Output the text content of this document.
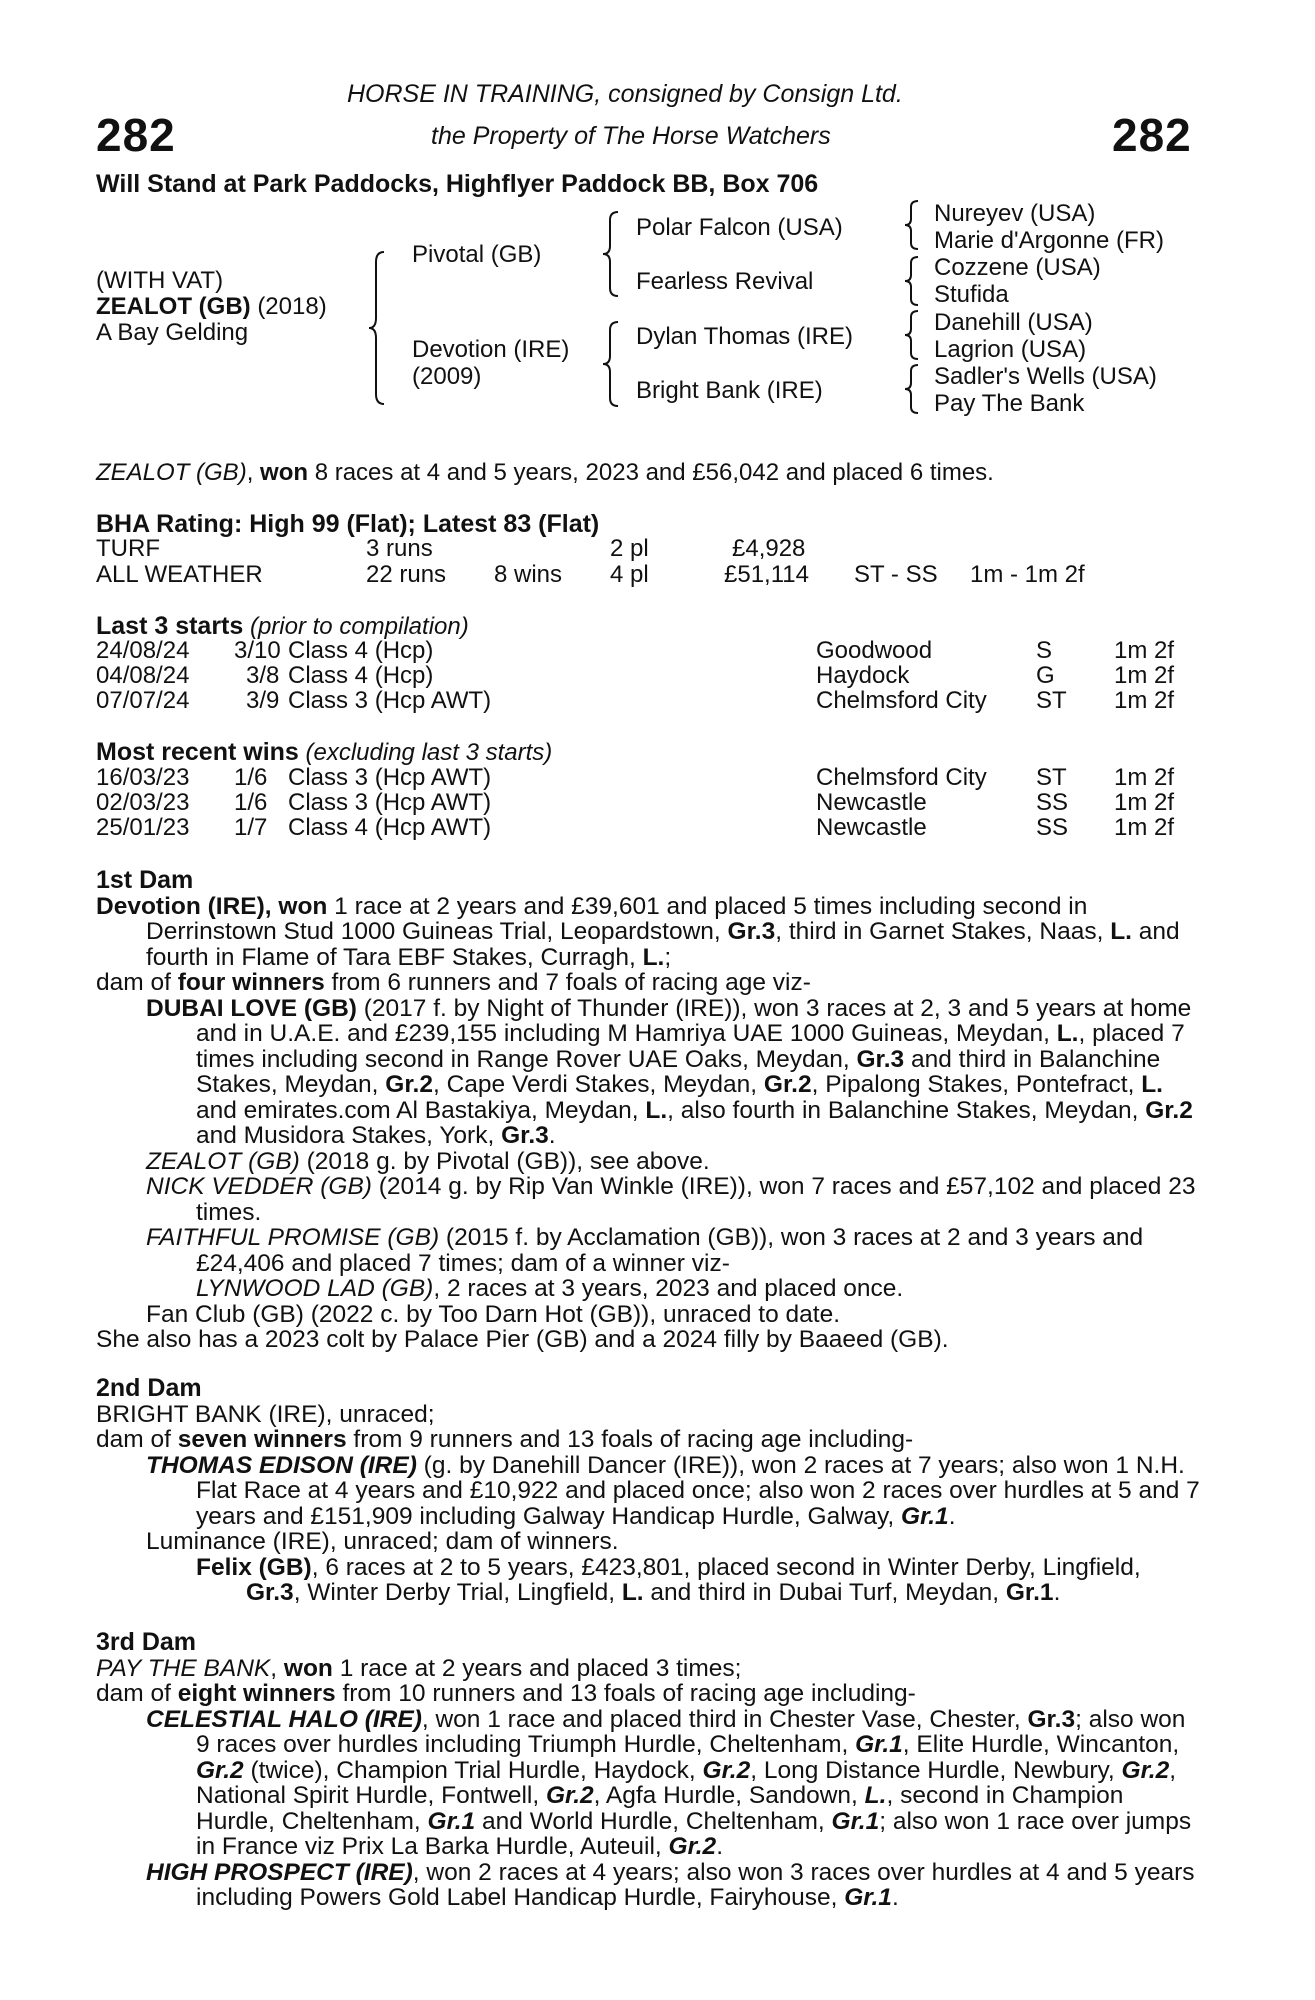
HORSE IN TRAINING, consigned by Consign Ltd.
the Property of The Horse Watchers
282	282
Will Stand at Park Paddocks, Highflyer Paddock BB, Box 706
(WITH VAT)
ZEALOT (GB) (2018)
A Bay Gelding
Pivotal (GB)
Devotion (IRE)
(2009)
Polar Falcon (USA)
Fearless Revival
Dylan Thomas (IRE)
Bright Bank (IRE)
Nureyev (USA)
Marie d'Argonne (FR)
Cozzene (USA)
Stufida
Danehill (USA)
Lagrion (USA)
Sadler's Wells (USA)
Pay The Bank
ZEALOT (GB), won 8 races at 4 and 5 years, 2023 and £56,042 and placed 6 times.
BHA Rating: High 99 (Flat); Latest 83 (Flat)
TURF	3 runs	2 pl	£4,928
ALL WEATHER	22 runs 8 wins 4 pl	£51,114 ST - SS 1m - 1m 2f
Last 3 starts (prior to compilation)
24/08/24 3/10 Class 4 (Hcp)	Goodwood	S	1m 2f
04/08/24 3/8 Class 4 (Hcp)	Haydock	G 1m 2f
07/07/24 3/9 Class 3 (Hcp AWT)	Chelmsford City ST 1m 2f
Most recent wins (excluding last 3 starts)
16/03/23 1/6 Class 3 (Hcp AWT)	Chelmsford City ST 1m 2f
02/03/23 1/6 Class 3 (Hcp AWT)	Newcastle	SS 1m 2f
25/01/23 1/7 Class 4 (Hcp AWT)	Newcastle	SS 1m 2f

1st Dam

Devotion (IRE), won 1 race at 2 years and £39,601 and placed 5 times including second in Derrinstown Stud 1000 Guineas Trial, Leopardstown, Gr.3, third in Garnet Stakes, Naas, L. and fourth in Flame of Tara EBF Stakes, Curragh, L.;

dam of four winners from 6 runners and 7 foals of racing age viz-

DUBAI LOVE (GB) (2017 f. by Night of Thunder (IRE)), won 3 races at 2, 3 and 5 years at home and in U.A.E. and £239,155 including M Hamriya UAE 1000 Guineas, Meydan, L., placed 7 times including second in Range Rover UAE Oaks, Meydan, Gr.3 and third in Balanchine Stakes, Meydan, Gr.2, Cape Verdi Stakes, Meydan, Gr.2, Pipalong Stakes, Pontefract, L. and emirates.com Al Bastakiya, Meydan, L., also fourth in Balanchine Stakes, Meydan, Gr.2 and Musidora Stakes, York, Gr.3.

ZEALOT (GB) (2018 g. by Pivotal (GB)), see above.

NICK VEDDER (GB) (2014 g. by Rip Van Winkle (IRE)), won 7 races and £57,102 and placed 23 times.

FAITHFUL PROMISE (GB) (2015 f. by Acclamation (GB)), won 3 races at 2 and 3 years and £24,406 and placed 7 times; dam of a winner viz-

LYNWOOD LAD (GB), 2 races at 3 years, 2023 and placed once.

Fan Club (GB) (2022 c. by Too Darn Hot (GB)), unraced to date.

She also has a 2023 colt by Palace Pier (GB) and a 2024 filly by Baaeed (GB).

2nd Dam

BRIGHT BANK (IRE), unraced;

dam of seven winners from 9 runners and 13 foals of racing age including-

THOMAS EDISON (IRE) (g. by Danehill Dancer (IRE)), won 2 races at 7 years; also won 1 N.H. Flat Race at 4 years and £10,922 and placed once; also won 2 races over hurdles at 5 and 7 years and £151,909 including Galway Handicap Hurdle, Galway, Gr.1.

Luminance (IRE), unraced; dam of winners.

Felix (GB), 6 races at 2 to 5 years, £423,801, placed second in Winter Derby, Lingfield, Gr.3, Winter Derby Trial, Lingfield, L. and third in Dubai Turf, Meydan, Gr.1.

3rd Dam

PAY THE BANK, won 1 race at 2 years and placed 3 times;

dam of eight winners from 10 runners and 13 foals of racing age including-

CELESTIAL HALO (IRE), won 1 race and placed third in Chester Vase, Chester, Gr.3; also won 9 races over hurdles including Triumph Hurdle, Cheltenham, Gr.1, Elite Hurdle, Wincanton, Gr.2 (twice), Champion Trial Hurdle, Haydock, Gr.2, Long Distance Hurdle, Newbury, Gr.2, National Spirit Hurdle, Fontwell, Gr.2, Agfa Hurdle, Sandown, L., second in Champion Hurdle, Cheltenham, Gr.1 and World Hurdle, Cheltenham, Gr.1; also won 1 race over jumps in France viz Prix La Barka Hurdle, Auteuil, Gr.2.

HIGH PROSPECT (IRE), won 2 races at 4 years; also won 3 races over hurdles at 4 and 5 years including Powers Gold Label Handicap Hurdle, Fairyhouse, Gr.1.
